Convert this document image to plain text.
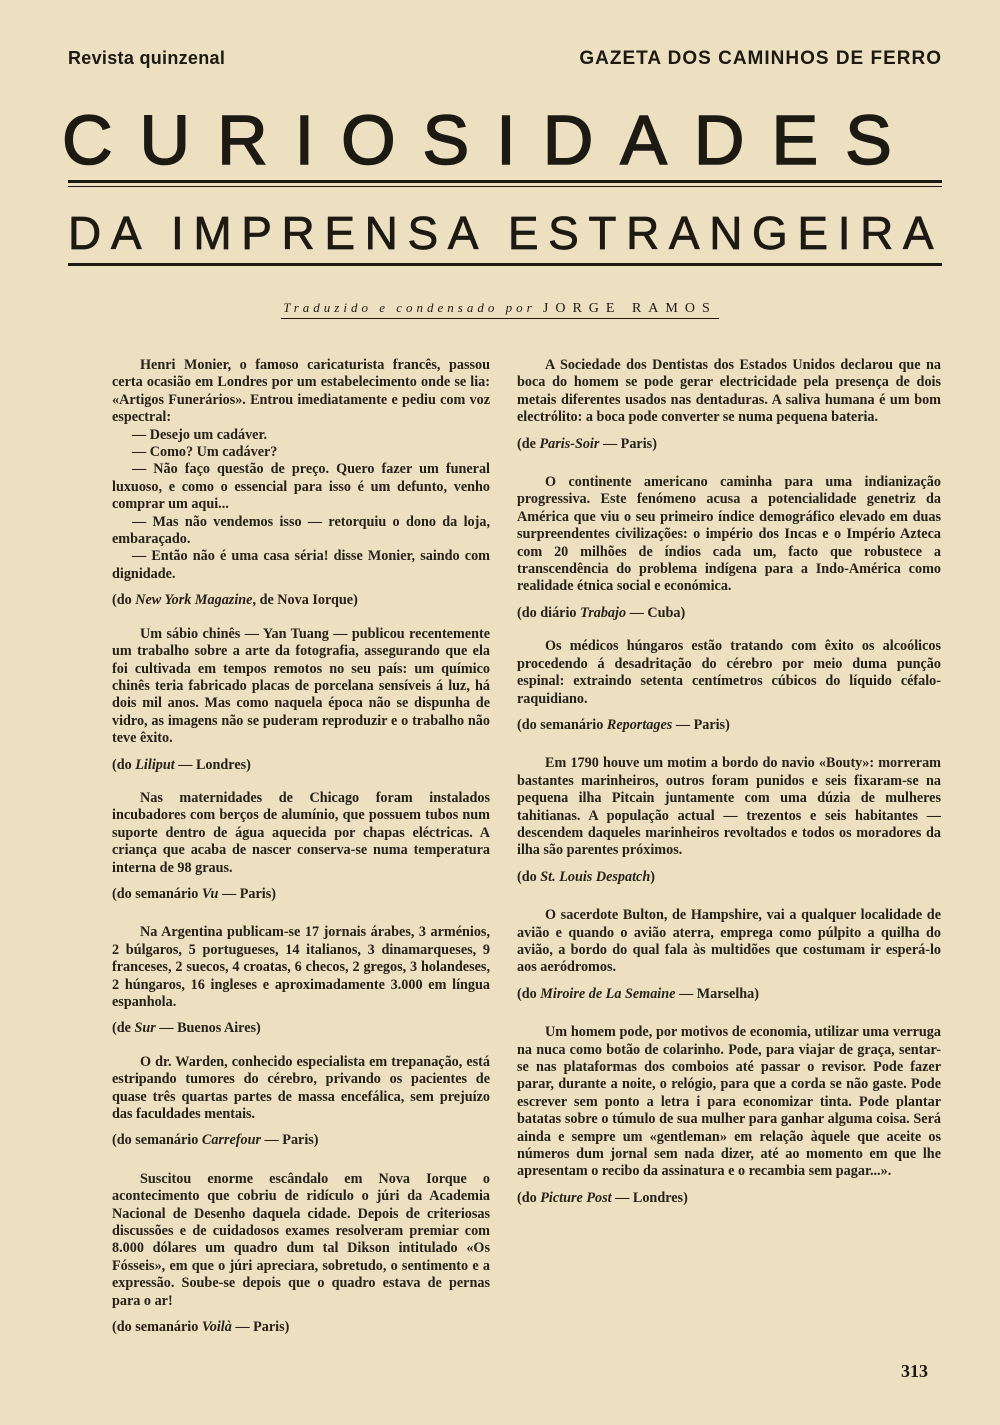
Revista quinzenal	GAZETA DOS CAMINHOS DE FERRO
CURIOSIDADES
DA IMPRENSA ESTRANGEIRA
Traduzido e condensado por JORGE RAMOS

Henri Monier, o famoso caricaturista francês, passou certa ocasião em Londres por um estabelecimento onde se lia: «Artigos Funerários». Entrou imediatamente e pediu com voz espectral:

— Desejo um cadáver.

— Como? Um cadáver?

— Não faço questão de preço. Quero fazer um funeral luxuoso, e como o essencial para isso é um defunto, venho comprar um aqui...

— Mas não vendemos isso — retorquiu o dono da loja, embaraçado.

— Então não é uma casa séria! disse Monier, saindo com dignidade.

(do New York Magazine, de Nova Iorque)

Um sábio chinês — Yan Tuang — publicou recentemente um trabalho sobre a arte da fotografia, assegurando que ela foi cultivada em tempos remotos no seu país: um químico chinês teria fabricado placas de porcelana sensíveis á luz, há dois mil anos. Mas como naquela época não se dispunha de vidro, as imagens não se puderam reproduzir e o trabalho não teve êxito.

(do Liliput — Londres)

Nas maternidades de Chicago foram instalados incubadores com berços de alumínio, que possuem tubos num suporte dentro de água aquecida por chapas eléctricas. A criança que acaba de nascer conserva-se numa temperatura interna de 98 graus.

(do semanário Vu — Paris)

Na Argentina publicam-se 17 jornais árabes, 3 arménios, 2 búlgaros, 5 portugueses, 14 italianos, 3 dinamarqueses, 9 franceses, 2 suecos, 4 croatas, 6 checos, 2 gregos, 3 holandeses, 2 húngaros, 16 ingleses e aproximadamente 3.000 em língua espanhola.

(de Sur — Buenos Aires)

O dr. Warden, conhecido especialista em trepanação, está estripando tumores do cérebro, privando os pacientes de quase três quartas partes de massa encefálica, sem prejuízo das faculdades mentais.

(do semanário Carrefour — Paris)

Suscitou enorme escândalo em Nova Iorque o acontecimento que cobriu de ridículo o júri da Academia Nacional de Desenho daquela cidade. Depois de criteriosas discussões e de cuidadosos exames resolveram premiar com 8.000 dólares um quadro dum tal Dikson intitulado «Os Fósseis», em que o júri apreciara, sobretudo, o sentimento e a expressão. Soube-se depois que o quadro estava de pernas para o ar!

(do semanário Voilà — Paris)

A Sociedade dos Dentistas dos Estados Unidos declarou que na boca do homem se pode gerar electricidade pela presença de dois metais diferentes usados nas dentaduras. A saliva humana é um bom electrólito: a boca pode converter se numa pequena bateria.

(de Paris-Soir — Paris)

O continente americano caminha para uma indianização progressiva. Este fenómeno acusa a potencialidade genetriz da América que viu o seu primeiro índice demográfico elevado em duas surpreendentes civilizações: o império dos Incas e o Império Azteca com 20 milhões de índios cada um, facto que robustece a transcendência do problema indígena para a Indo-América como realidade étnica social e económica.

(do diário Trabajo — Cuba)

Os médicos húngaros estão tratando com êxito os alcoólicos procedendo á desadritação do cérebro por meio duma punção espinal: extraindo setenta centímetros cúbicos do líquido céfalo-raquidiano.

(do semanário Reportages — Paris)

Em 1790 houve um motim a bordo do navio «Bouty»: morreram bastantes marinheiros, outros foram punidos e seis fixaram-se na pequena ilha Pitcain juntamente com uma dúzia de mulheres tahitianas. A população actual — trezentos e seis habitantes — descendem daqueles marinheiros revoltados e todos os moradores da ilha são parentes próximos.

(do St. Louis Despatch)

O sacerdote Bulton, de Hampshire, vai a qualquer localidade de avião e quando o avião aterra, emprega como púlpito a quilha do avião, a bordo do qual fala às multidões que costumam ir esperá-lo aos aeródromos.

(do Miroire de La Semaine — Marselha)

Um homem pode, por motivos de economia, utilizar uma verruga na nuca como botão de colarinho. Pode, para viajar de graça, sentar-se nas plataformas dos comboios até passar o revisor. Pode fazer parar, durante a noite, o relógio, para que a corda se não gaste. Pode escrever sem ponto a letra i para economizar tinta. Pode plantar batatas sobre o túmulo de sua mulher para ganhar alguma coisa. Será ainda e sempre um «gentleman» em relação àquele que aceite os números dum jornal sem nada dizer, até ao momento em que lhe apresentam o recibo da assinatura e o recambia sem pagar...».

(do Picture Post — Londres)

313
